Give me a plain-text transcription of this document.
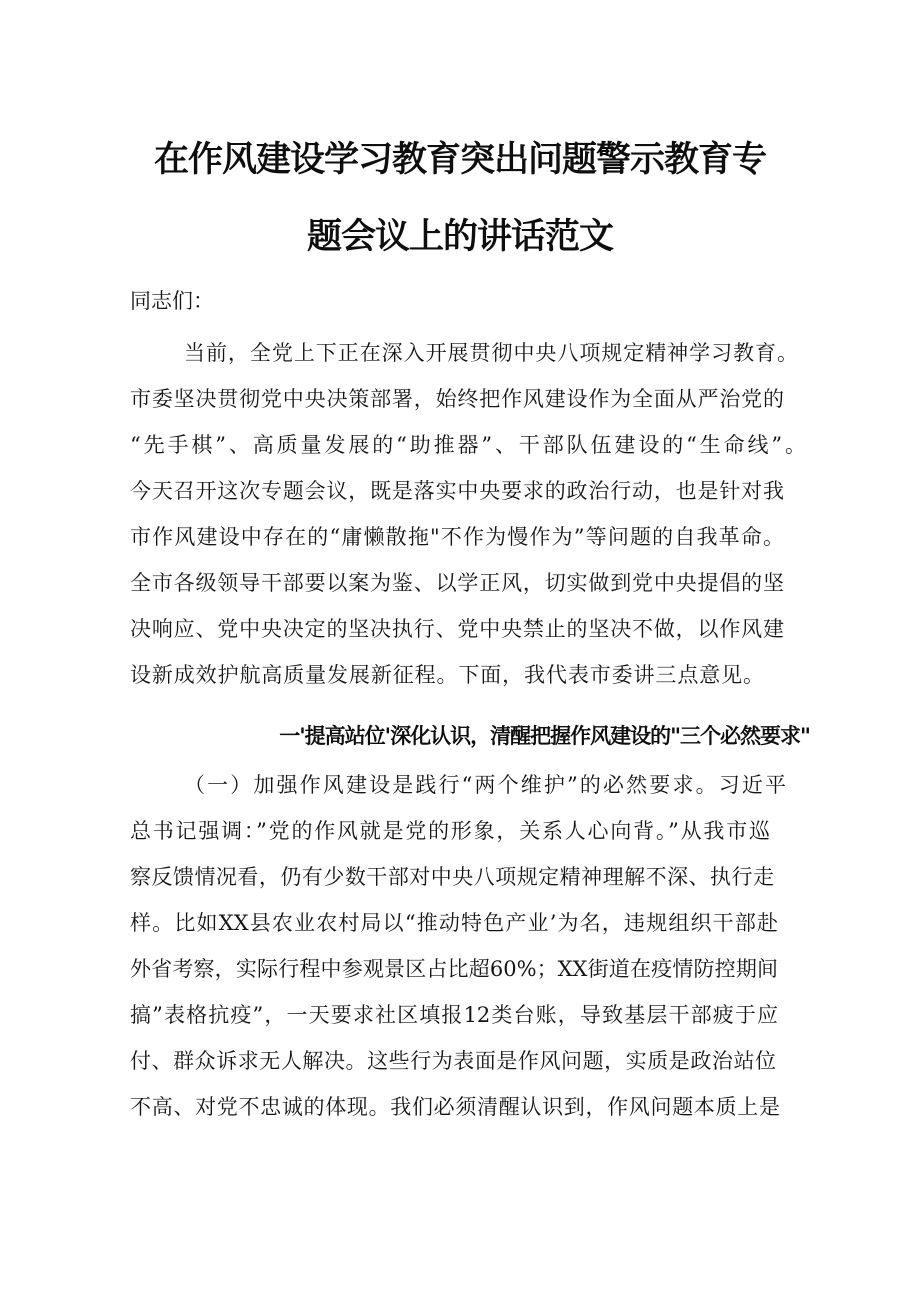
在作风建设学习教育突出问题警示教育专
题会议上的讲话范文
同志们：
当前，全党上下正在深入开展贯彻中央八项规定精神学习教育。
市委坚决贯彻党中央决策部署，始终把作风建设作为全面从严治党的
“先手棋”、高质量发展的“助推器”、干部队伍建设的“生命线”。
今天召开这次专题会议，既是落实中央要求的政治行动，也是针对我
市作风建设中存在的“庸懒散拖"不作为慢作为”等问题的自我革命。
全市各级领导干部要以案为鉴、以学正风，切实做到党中央提倡的坚
决响应、党中央决定的坚决执行、党中央禁止的坚决不做，以作风建
设新成效护航高质量发展新征程。下面，我代表市委讲三点意见。
一'提高站位'深化认识，清醒把握作风建设的"三个必然要求"
（一）加强作风建设是践行“两个维护”的必然要求。习近平
总书记强调：”党的作风就是党的形象，关系人心向背。”从我市巡
察反馈情况看，仍有少数干部对中央八项规定精神理解不深、执行走
样。比如XX县农业农村局以“推动特色产业’为名，违规组织干部赴
外省考察，实际行程中参观景区占比超60%；XX街道在疫情防控期间
搞”表格抗疫”，一天要求社区填报12类台账，导致基层干部疲于应
付、群众诉求无人解决。这些行为表面是作风问题，实质是政治站位
不高、对党不忠诚的体现。我们必须清醒认识到，作风问题本质上是
